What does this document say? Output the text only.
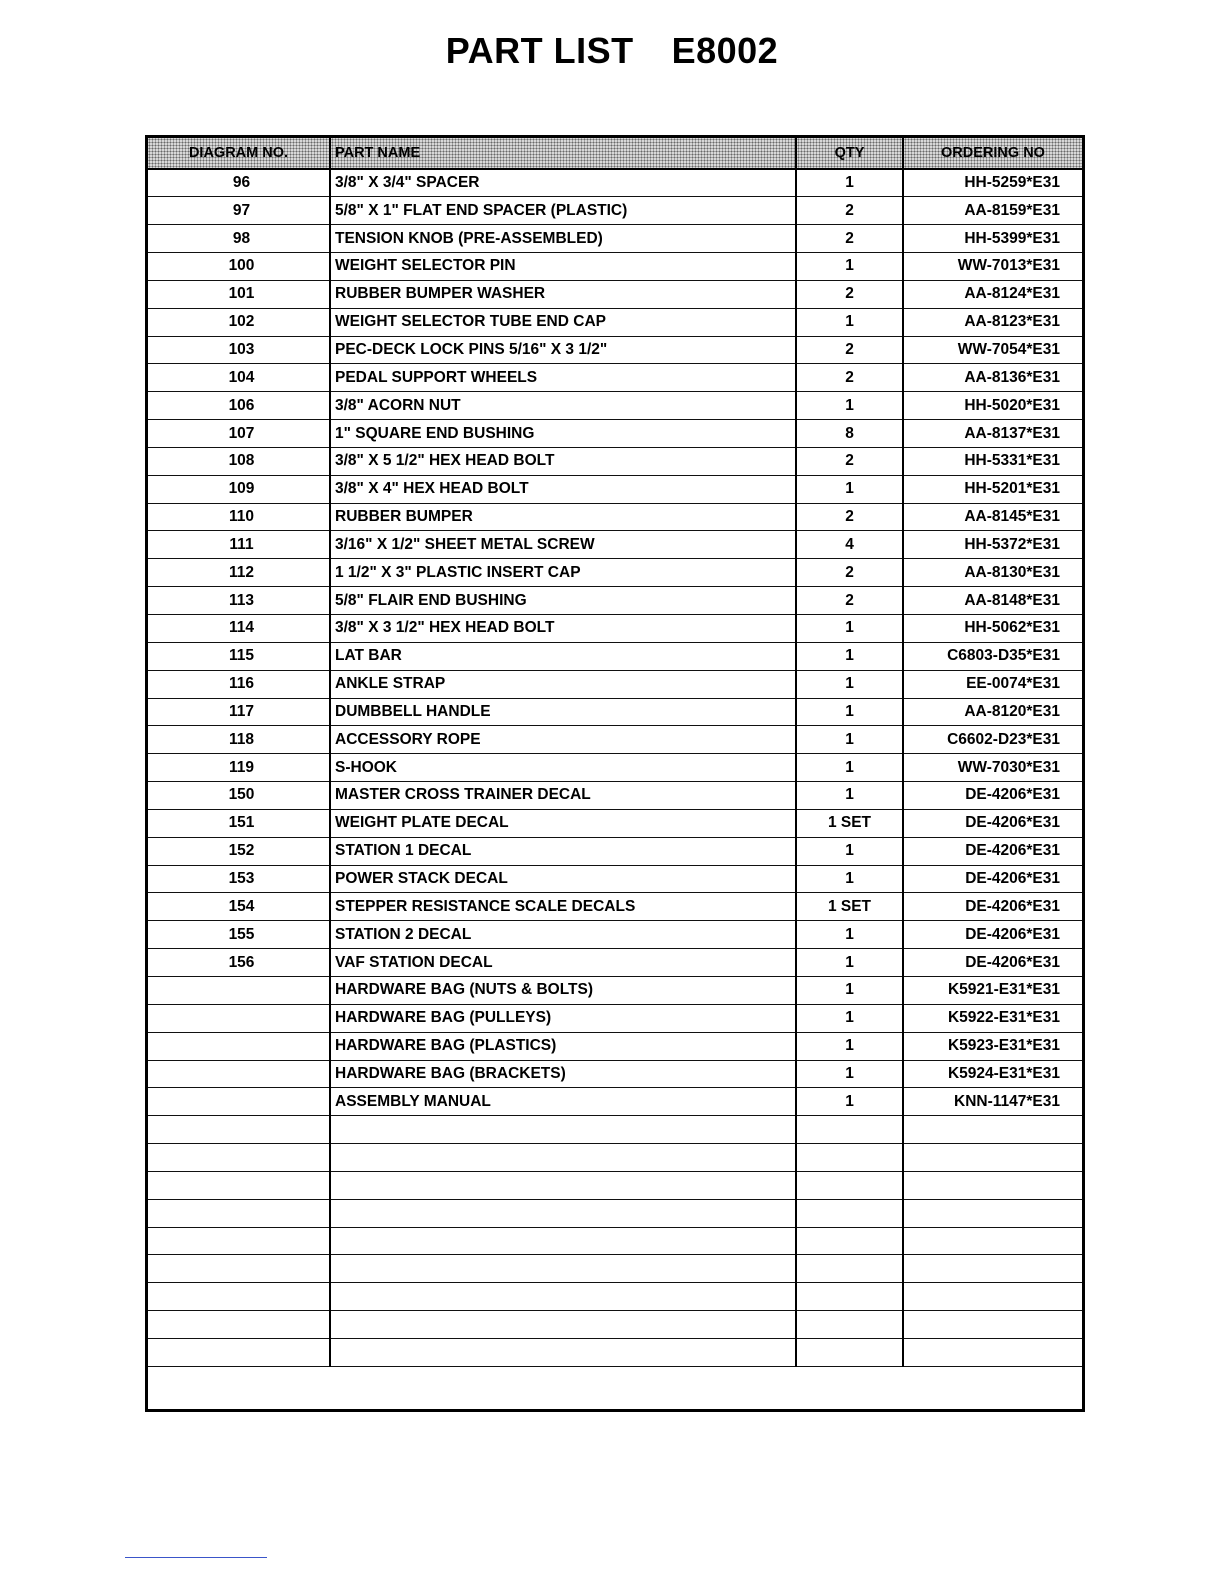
PART LIST E8002
DIAGRAM NO.	PART NAME	QTY	ORDERING NO
96	3/8" X 3/4" SPACER	1	HH-5259*E31
97	5/8" X 1" FLAT END SPACER (PLASTIC)	2	AA-8159*E31
98	TENSION KNOB (PRE-ASSEMBLED)	2	HH-5399*E31
100	WEIGHT SELECTOR PIN	1	WW-7013*E31
101	RUBBER BUMPER WASHER	2	AA-8124*E31
102	WEIGHT SELECTOR TUBE END CAP	1	AA-8123*E31
103	PEC-DECK LOCK PINS 5/16" X 3 1/2"	2	WW-7054*E31
104	PEDAL SUPPORT WHEELS	2	AA-8136*E31
106	3/8" ACORN NUT	1	HH-5020*E31
107	1" SQUARE END BUSHING	8	AA-8137*E31
108	3/8" X 5 1/2" HEX HEAD BOLT	2	HH-5331*E31
109	3/8" X 4" HEX HEAD BOLT	1	HH-5201*E31
110	RUBBER BUMPER	2	AA-8145*E31
111	3/16" X 1/2" SHEET METAL SCREW	4	HH-5372*E31
112	1 1/2" X 3" PLASTIC INSERT CAP	2	AA-8130*E31
113	5/8" FLAIR END BUSHING	2	AA-8148*E31
114	3/8" X 3 1/2" HEX HEAD BOLT	1	HH-5062*E31
115	LAT BAR	1	C6803-D35*E31
116	ANKLE STRAP	1	EE-0074*E31
117	DUMBBELL HANDLE	1	AA-8120*E31
118	ACCESSORY ROPE	1	C6602-D23*E31
119	S-HOOK	1	WW-7030*E31
150	MASTER CROSS TRAINER DECAL	1	DE-4206*E31
151	WEIGHT PLATE DECAL	1 SET	DE-4206*E31
152	STATION 1 DECAL	1	DE-4206*E31
153	POWER STACK DECAL	1	DE-4206*E31
154	STEPPER RESISTANCE SCALE DECALS	1 SET	DE-4206*E31
155	STATION 2 DECAL	1	DE-4206*E31
156	VAF STATION DECAL	1	DE-4206*E31
	HARDWARE BAG (NUTS & BOLTS)	1	K5921-E31*E31
	HARDWARE BAG (PULLEYS)	1	K5922-E31*E31
	HARDWARE BAG (PLASTICS)	1	K5923-E31*E31
	HARDWARE BAG (BRACKETS)	1	K5924-E31*E31
	ASSEMBLY MANUAL	1	KNN-1147*E31
